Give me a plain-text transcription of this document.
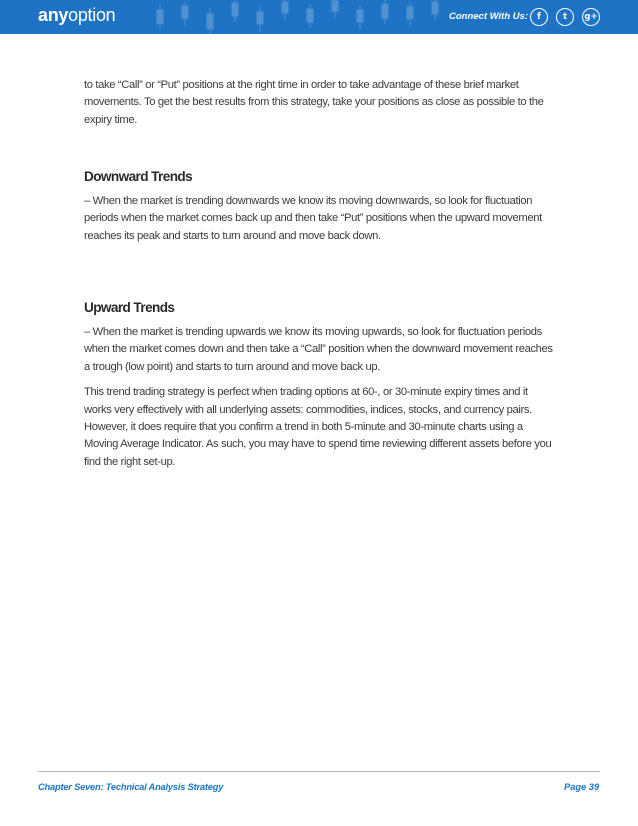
anyoption	Connect With Us:	f	t	g+

to take “Call” or “Put” positions at the right time in order to take advantage of these brief market movements. To get the best results from this strategy, take your positions as close as possible to the expiry time.

Downward Trends

– When the market is trending downwards we know its moving downwards, so look for fluctuation periods when the market comes back up and then take “Put” positions when the upward movement reaches its peak and starts to turn around and move back down.

Upward Trends

– When the market is trending upwards we know its moving upwards, so look for fluctuation periods when the market comes down and then take a “Call” position when the downward movement reaches a trough (low point) and starts to turn around and move back up.

This trend trading strategy is perfect when trading options at 60-, or 30-minute expiry times and it works very effectively with all underlying assets: commodities, indices, stocks, and currency pairs. However, it does require that you confirm a trend in both 5-minute and 30-minute charts using a Moving Average Indicator. As such, you may have to spend time reviewing different assets before you find the right set-up.

Chapter Seven: Technical Analysis Strategy	Page 39
